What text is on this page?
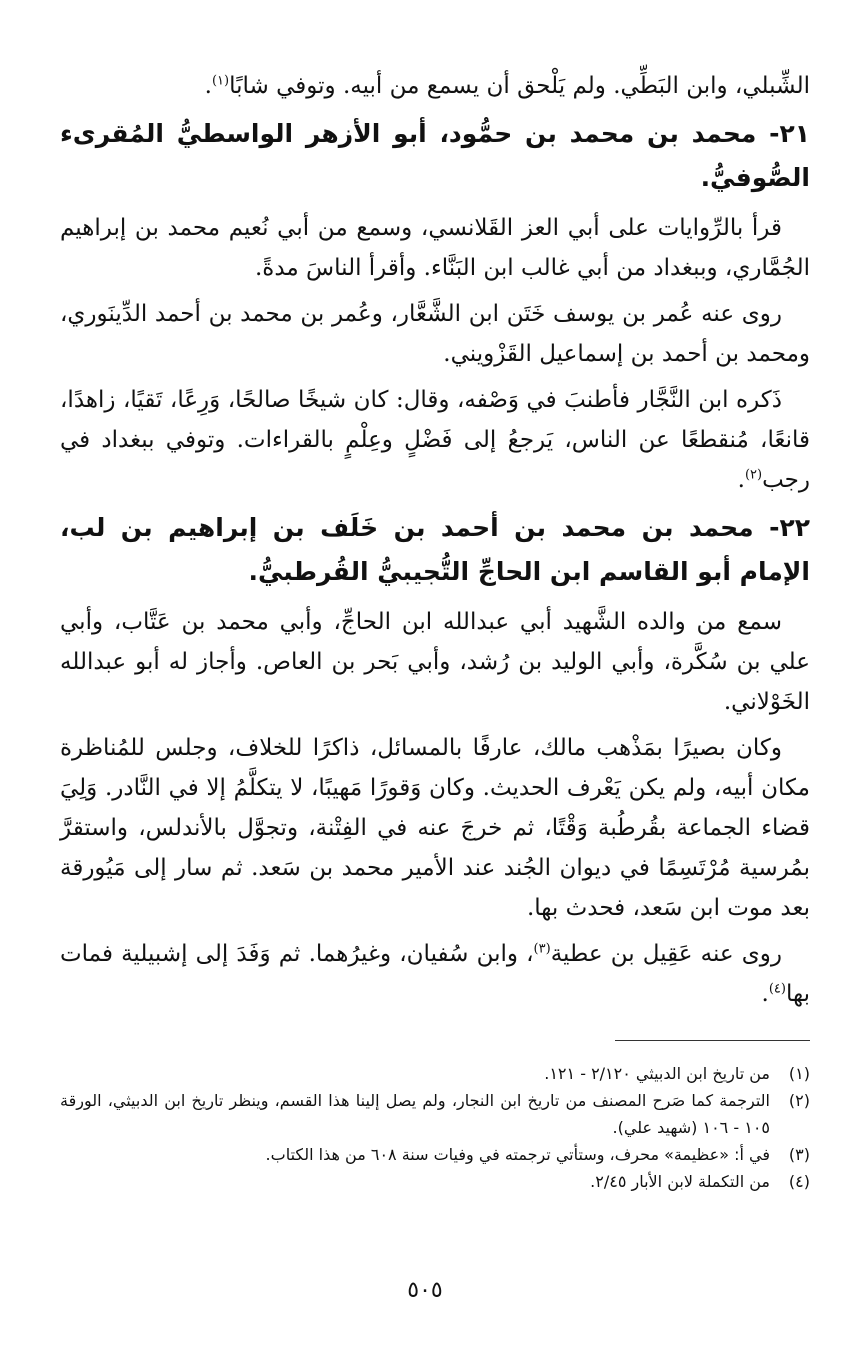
الشِّبلي، وابن البَطِّي. ولم يَلْحق أن يسمع من أبيه. وتوفي شابًا$^{(١)}$.

٢١- محمد بن محمد بن حمُّود، أبو الأزهر الواسطيُّ المُقرىء الصُّوفيُّ.

قرأ بالرِّوايات على أبي العز القَلانسي، وسمع من أبي نُعيم محمد بن إبراهيم الجُمَّاري، وببغداد من أبي غالب ابن البَنَّاء. وأقرأ الناسَ مدةً.

روى عنه عُمر بن يوسف خَتَن ابن الشَّعَّار، وعُمر بن محمد بن أحمد الدِّينَوري، ومحمد بن أحمد بن إسماعيل القَزْويني.

ذَكره ابن النَّجَّار فأطنبَ في وَصْفه، وقال: كان شيخًا صالحًا، وَرِعًا، تَقيًا، زاهدًا، قانعًا، مُنقطعًا عن الناس، يَرجعُ إلى فَضْلٍ وعِلْمٍ بالقراءات. وتوفي ببغداد في رجب$^{(٢)}$.

٢٢- محمد بن محمد بن أحمد بن خَلَف بن إبراهيم بن لب، الإمام أبو القاسم ابن الحاجِّ التُّجيبيُّ القُرطبيُّ.

سمع من والده الشَّهيد أبي عبدالله ابن الحاجِّ، وأبي محمد بن عَتَّاب، وأبي علي بن سُكَّرة، وأبي الوليد بن رُشد، وأبي بَحر بن العاص. وأجاز له أبو عبدالله الخَوْلاني.

وكان بصيرًا بمَذْهب مالك، عارفًا بالمسائل، ذاكرًا للخلاف، وجلس للمُناظرة مكان أبيه، ولم يكن يَعْرف الحديث. وكان وَقورًا مَهيبًا، لا يتكلَّمُ إلا في النَّادر. وَلِيَ قضاء الجماعة بقُرطُبة وَقْتًا، ثم خرجَ عنه في الفِتْنة، وتجوَّل بالأندلس، واستقرَّ بمُرسية مُرْتَسِمًا في ديوان الجُند عند الأمير محمد بن سَعد. ثم سار إلى مَيُورقة بعد موت ابن سَعد، فحدث بها.

روى عنه عَقِيل بن عطية$^{(٣)}$، وابن سُفيان، وغيرُهما. ثم وَفَدَ إلى إشبيلية فمات بها$^{(٤)}$.

(١)
من تاريخ ابن الدبيثي ٢/١٢٠ - ١٢١.
(٢)
الترجمة كما صَرح المصنف من تاريخ ابن النجار، ولم يصل إلينا هذا القسم، وينظر تاريخ ابن الدبيثي، الورقة ١٠٥ - ١٠٦ (شهيد علي).
(٣)
في أ: «عظيمة» محرف، وستأتي ترجمته في وفيات سنة ٦٠٨ من هذا الكتاب.
(٤)
من التكملة لابن الأبار ٢/٤٥.
٥٠٥
